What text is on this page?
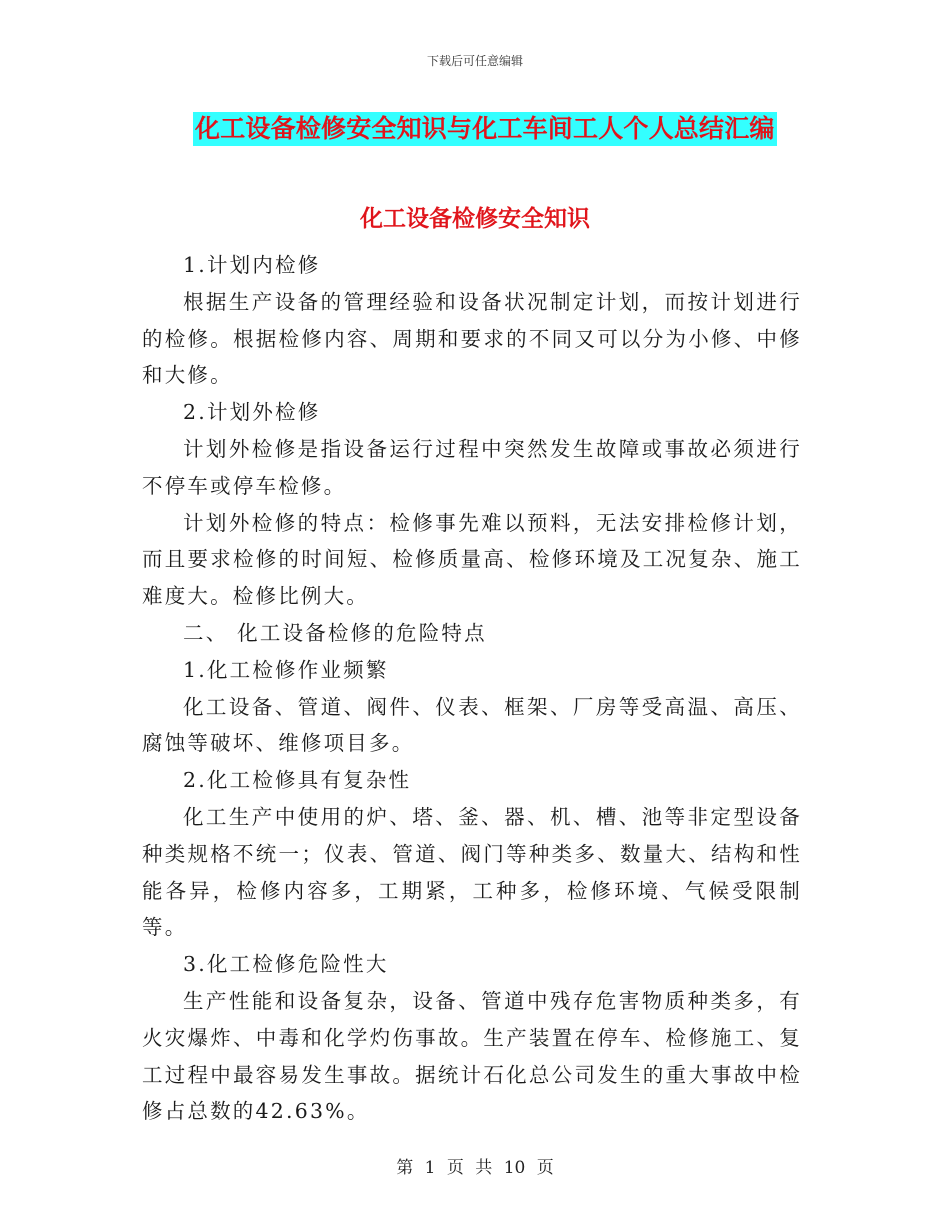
下载后可任意编辑
化工设备检修安全知识与化工车间工人个人总结汇编
化工设备检修安全知识

1.计划内检修

根据生产设备的管理经验和设备状况制定计划，而按计划进行的检修。根据检修内容、周期和要求的不同又可以分为小修、中修和大修。

2.计划外检修

计划外检修是指设备运行过程中突然发生故障或事故必须进行不停车或停车检修。

计划外检修的特点：检修事先难以预料，无法安排检修计划，而且要求检修的时间短、检修质量高、检修环境及工况复杂、施工难度大。检修比例大。

二、 化工设备检修的危险特点

1.化工检修作业频繁

化工设备、管道、阀件、仪表、框架、厂房等受高温、高压、腐蚀等破坏、维修项目多。

2.化工检修具有复杂性

化工生产中使用的炉、塔、釜、器、机、槽、池等非定型设备种类规格不统一；仪表、管道、阀门等种类多、数量大、结构和性能各异，检修内容多，工期紧，工种多，检修环境、气候受限制等。

3.化工检修危险性大

生产性能和设备复杂，设备、管道中残存危害物质种类多，有火灾爆炸、中毒和化学灼伤事故。生产装置在停车、检修施工、复工过程中最容易发生事故。据统计石化总公司发生的重大事故中检修占总数的42.63%。

第 1 页 共 10 页
